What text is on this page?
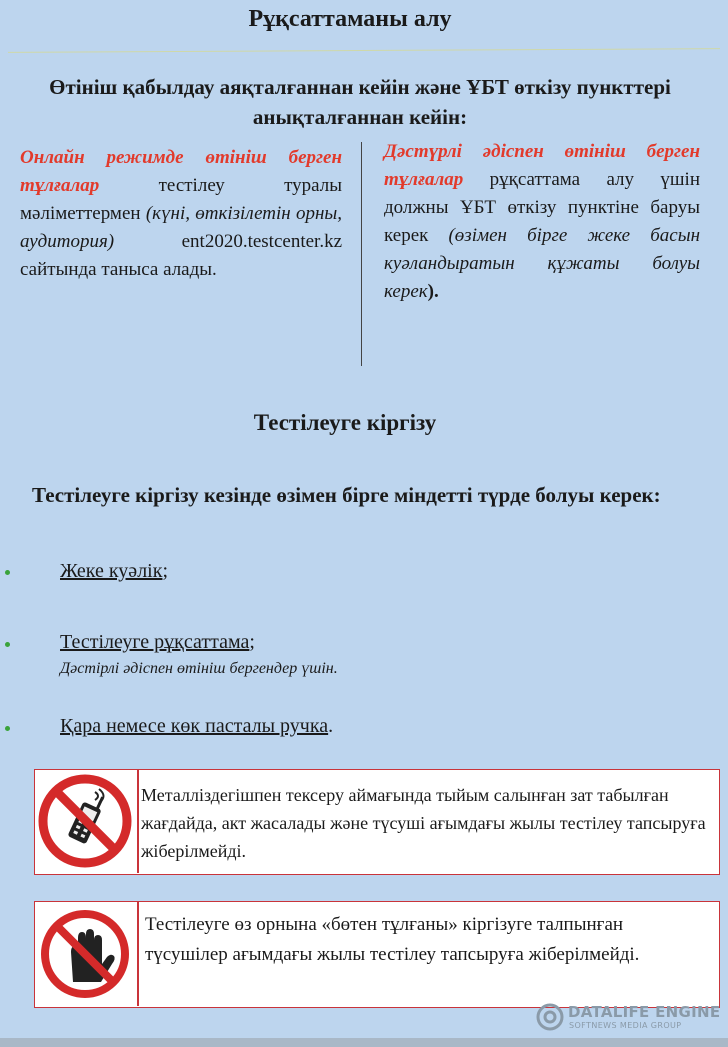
Рұқсаттаманы алу
Өтініш қабылдау аяқталғаннан кейін және ҰБТ өткізу пункттері анықталғаннан кейін:
Онлайн режимде өтініш берген тұлғалар тестілеу туралы мәліметтермен (күні, өткізілетін орны, аудитория) ent2020.testcenter.kz сайтында таныса алады.
Дәстүрлі әдіспен өтініш берген тұлғалар рұқсаттама алу үшін должны ҰБТ өткізу пунктіне баруы керек (өзімен бірге жеке басын куәландыратын құжаты болуы керек).
Тестілеуге кіргізу
Тестілеуге кіргізу кезінде өзімен бірге міндетті түрде болуы керек:
Жеке куәлік;
Тестілеуге рұқсаттама;
Дәстірлі әдіспен өтініш бергендер үшін.
Қара немесе көк пасталы ручка.
Металліздегішпен тексеру аймағында тыйым салынған зат табылған жағдайда, акт жасалады және түсуші ағымдағы жылы тестілеу тапсыруға жіберілмейді.
Тестілеуге өз орнына «бөтен тұлғаны» кіргізуге талпынған түсушілер ағымдағы жылы тестілеу тапсыруға жіберілмейді.
DATALIFE ENGINE
SOFTNEWS MEDIA GROUP
